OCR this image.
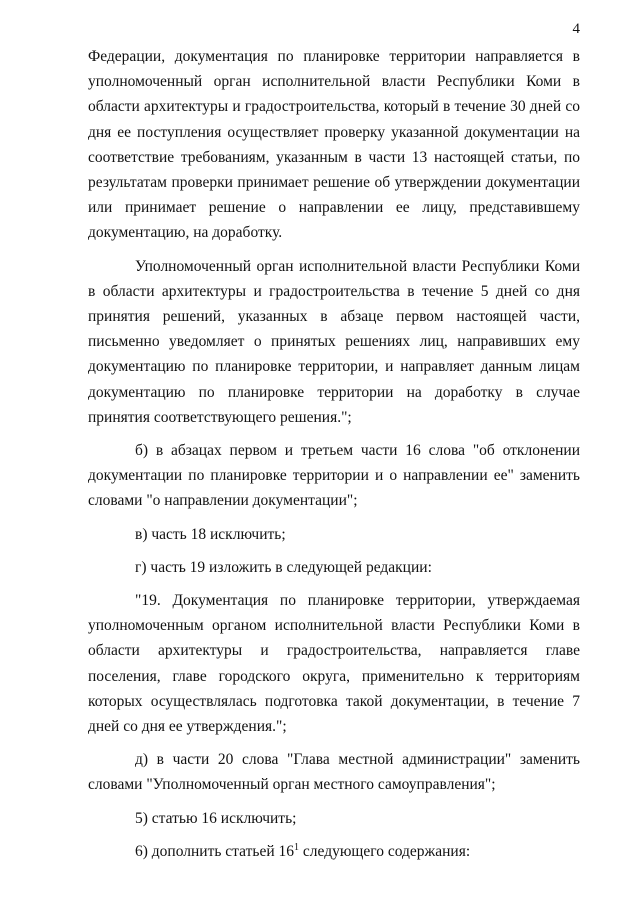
4

Федерации, документация по планировке территории направляется в уполномоченный орган исполнительной власти Республики Коми в области архитектуры и градостроительства, который в течение 30 дней со дня ее поступления осуществляет проверку указанной документации на соответствие требованиям, указанным в части 13 настоящей статьи, по результатам проверки принимает решение об утверждении документации или принимает решение о направлении ее лицу, представившему документацию, на доработку.

Уполномоченный орган исполнительной власти Республики Коми в области архитектуры и градостроительства в течение 5 дней со дня принятия решений, указанных в абзаце первом настоящей части, письменно уведомляет о принятых решениях лиц, направивших ему документацию по планировке территории, и направляет данным лицам документацию по планировке территории на доработку в случае принятия соответствующего решения.";

б) в абзацах первом и третьем части 16 слова "об отклонении документации по планировке территории и о направлении ее" заменить словами "о направлении документации";

в) часть 18 исключить;

г) часть 19 изложить в следующей редакции:

"19. Документация по планировке территории, утверждаемая уполномоченным органом исполнительной власти Республики Коми в области архитектуры и градостроительства, направляется главе поселения, главе городского округа, применительно к территориям которых осуществлялась подготовка такой документации, в течение 7 дней со дня ее утверждения.";

д) в части 20 слова "Глава местной администрации" заменить словами "Уполномоченный орган местного самоуправления";

5) статью 16 исключить;

6) дополнить статьей $16^1$ следующего содержания:
